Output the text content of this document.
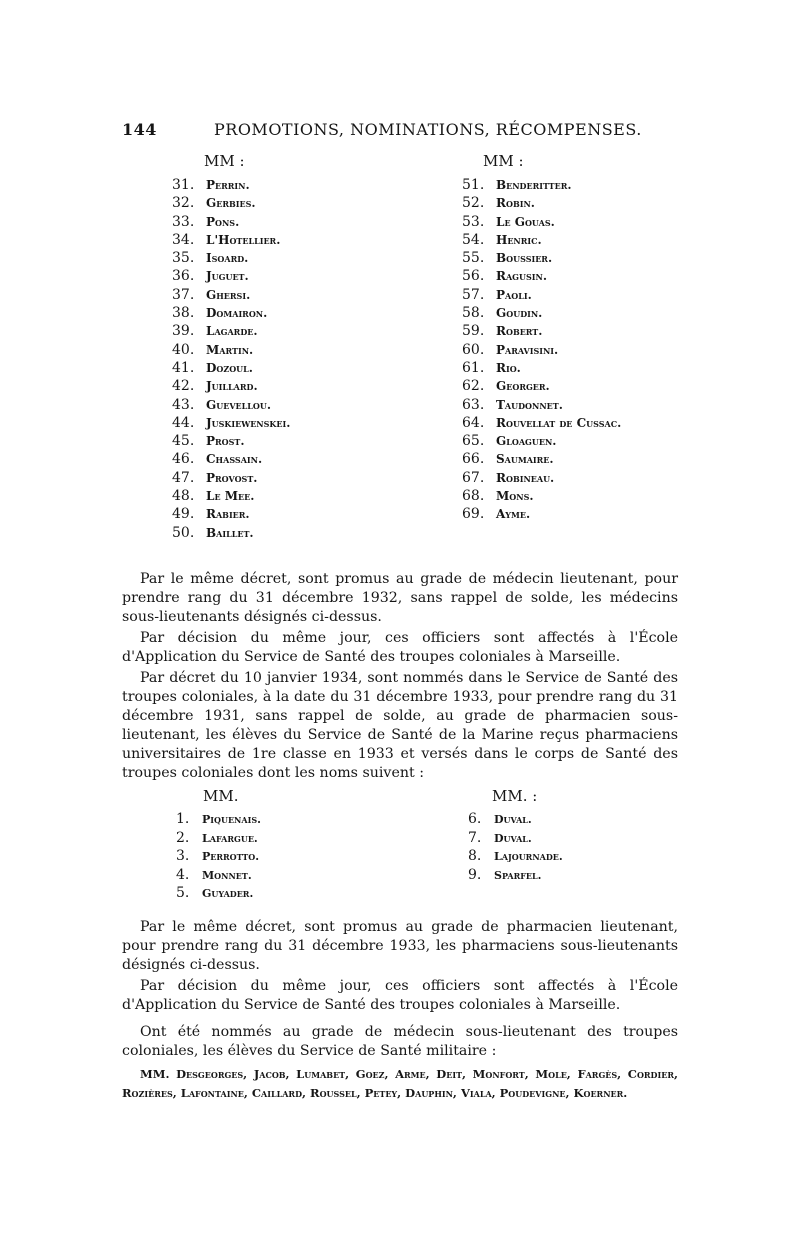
144	PROMOTIONS, NOMINATIONS, RÉCOMPENSES.
MM :	MM :
31. Perrin.
32. Gerbies.
33. Pons.
34. L'Hotellier.
35. Isoard.
36. Juguet.
37. Ghersi.
38. Domairon.
39. Lagarde.
40. Martin.
41. Dozoul.
42. Juillard.
43. Guevellou.
44. Juskiewenskei.
45. Prost.
46. Chassain.
47. Provost.
48. Le Mee.
49. Rabier.
50. Baillet.
51. Benderitter.
52. Robin.
53. Le Gouas.
54. Henric.
55. Boussier.
56. Ragusin.
57. Paoli.
58. Goudin.
59. Robert.
60. Paravisini.
61. Rio.
62. Georger.
63. Taudonnet.
64. Rouvellat de Cussac.
65. Gloaguen.
66. Saumaire.
67. Robineau.
68. Mons.
69. Ayme.

Par le même décret, sont promus au grade de médecin lieutenant, pour prendre rang du 31 décembre 1932, sans rappel de solde, les médecins sous-lieutenants désignés ci-dessus.

Par décision du même jour, ces officiers sont affectés à l'École d'Application du Service de Santé des troupes coloniales à Marseille.

Par décret du 10 janvier 1934, sont nommés dans le Service de Santé des troupes coloniales, à la date du 31 décembre 1933, pour prendre rang du 31 décembre 1931, sans rappel de solde, au grade de pharmacien sous-lieutenant, les élèves du Service de Santé de la Marine reçus pharmaciens universitaires de 1re classe en 1933 et versés dans le corps de Santé des troupes coloniales dont les noms suivent :

MM.	MM. :
1. Piquenais.
2. Lafargue.
3. Perrotto.
4. Monnet.
5. Guyader.
6. Duval.
7. Duval.
8. Lajournade.
9. Sparfel.

Par le même décret, sont promus au grade de pharmacien lieutenant, pour prendre rang du 31 décembre 1933, les pharmaciens sous-lieutenants désignés ci-dessus.

Par décision du même jour, ces officiers sont affectés à l'École d'Application du Service de Santé des troupes coloniales à Marseille.

Ont été nommés au grade de médecin sous-lieutenant des troupes coloniales, les élèves du Service de Santé militaire :

MM. Desgeorges, Jacob, Lumabet, Goez, Arme, Deit, Monfort, Mole, Fargès, Cordier, Rozières, Lafontaine, Caillard, Roussel, Petey, Dauphin, Viala, Poudevigne, Koerner.
